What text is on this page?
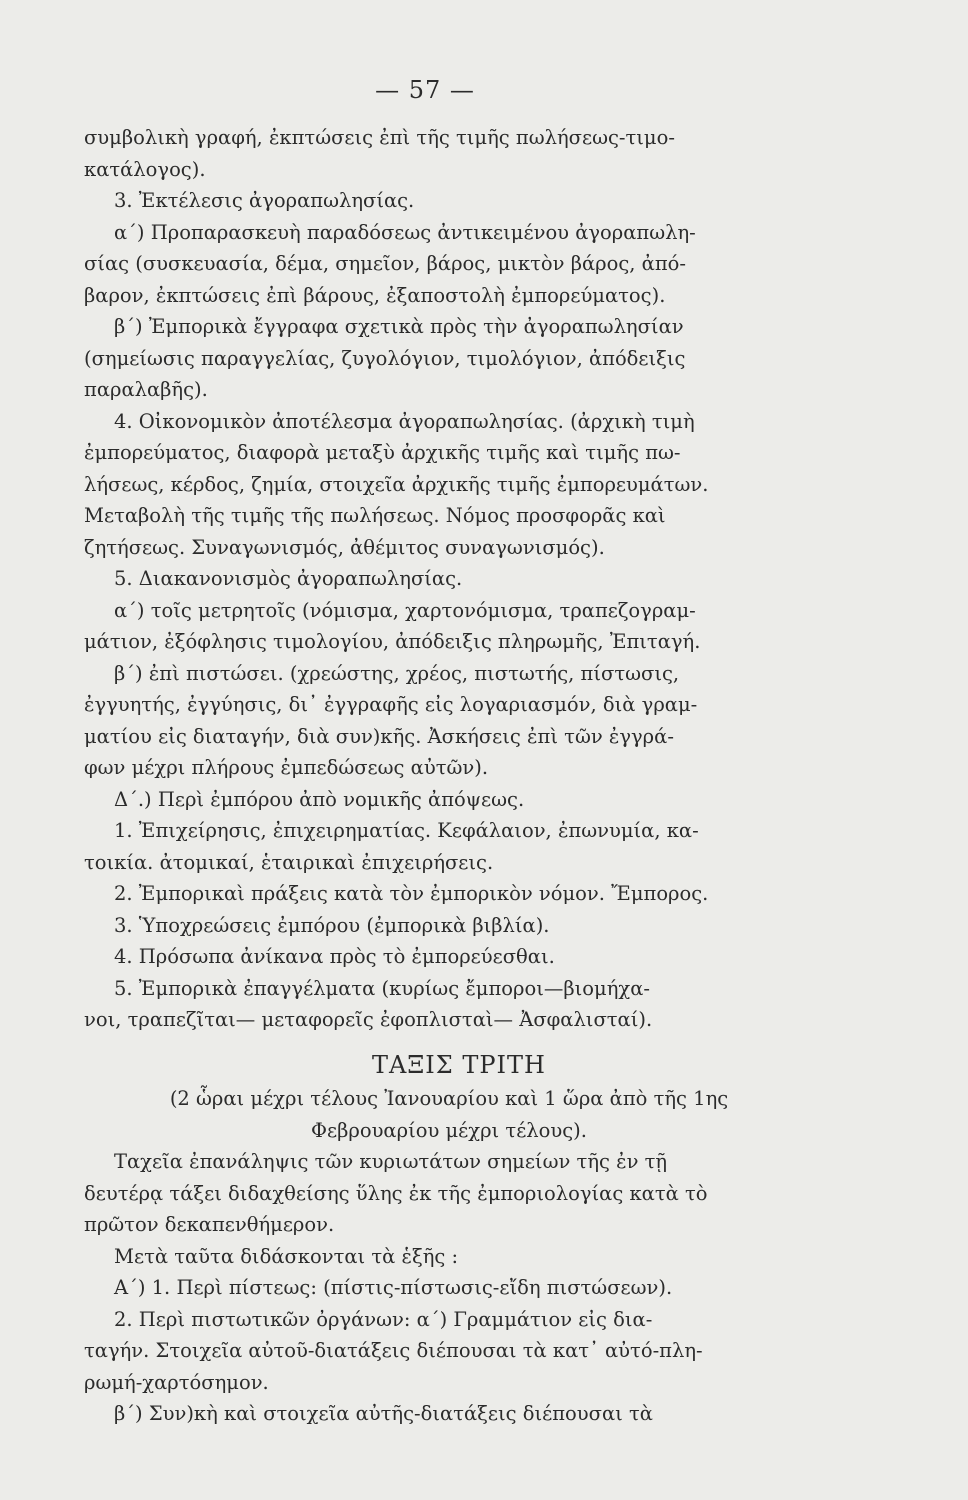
— 57 —

συμβολικὴ γραφή, ἐκπτώσεις ἐπὶ τῆς τιμῆς πωλήσεως-τιμο-

κατάλογος).

3. Ἐκτέλεσις ἀγοραπωλησίας.

α΄) Προπαρασκευὴ παραδόσεως ἀντικειμένου ἀγοραπωλη-

σίας (συσκευασία, δέμα, σημεῖον, βάρος, μικτὸν βάρος, ἀπό-

βαρον, ἐκπτώσεις ἐπὶ βάρους, ἐξαποστολὴ ἐμπορεύματος).

β΄) Ἐμπορικὰ ἔγγραφα σχετικὰ πρὸς τὴν ἀγοραπωλησίαν

(σημείωσις παραγγελίας, ζυγολόγιον, τιμολόγιον, ἀπόδειξις

παραλαβῆς).

4. Οἰκονομικὸν ἀποτέλεσμα ἀγοραπωλησίας. (ἀρχικὴ τιμὴ

ἐμπορεύματος, διαφορὰ μεταξὺ ἀρχικῆς τιμῆς καὶ τιμῆς πω-

λήσεως, κέρδος, ζημία, στοιχεῖα ἀρχικῆς τιμῆς ἐμπορευμάτων.

Μεταβολὴ τῆς τιμῆς τῆς πωλήσεως. Νόμος προσφορᾶς καὶ

ζητήσεως. Συναγωνισμός, ἀθέμιτος συναγωνισμός).

5. Διακανονισμὸς ἀγοραπωλησίας.

α΄) τοῖς μετρητοῖς (νόμισμα, χαρτονόμισμα, τραπεζογραμ-

μάτιον, ἐξόφλησις τιμολογίου, ἀπόδειξις πληρωμῆς, Ἐπιταγή.

β΄) ἐπὶ πιστώσει. (χρεώστης, χρέος, πιστωτής, πίστωσις,

ἐγγυητής, ἐγγύησις, δι᾽ ἐγγραφῆς εἰς λογαριασμόν, διὰ γραμ-

ματίου εἰς διαταγήν, διὰ συν)κῆς. Ἀσκήσεις ἐπὶ τῶν ἐγγρά-

φων μέχρι πλήρους ἐμπεδώσεως αὐτῶν).

Δ΄.) Περὶ ἐμπόρου ἀπὸ νομικῆς ἀπόψεως.

1. Ἐπιχείρησις, ἐπιχειρηματίας. Κεφάλαιον, ἐπωνυμία, κα-

τοικία. ἀτομικαί, ἑταιρικαὶ ἐπιχειρήσεις.

2. Ἐμπορικαὶ πράξεις κατὰ τὸν ἐμπορικὸν νόμον. Ἔμπορος.

3. Ὑποχρεώσεις ἐμπόρου (ἐμπορικὰ βιβλία).

4. Πρόσωπα ἀνίκανα πρὸς τὸ ἐμπορεύεσθαι.

5. Ἐμπορικὰ ἐπαγγέλματα (κυρίως ἔμποροι—βιομήχα-

νοι, τραπεζῖται— μεταφορεῖς ἐφοπλισταὶ— Ἀσφαλισταί).

ΤΑΞΙΣ ΤΡΙΤΗ

(2 ὧραι μέχρι τέλους Ἰανουαρίου καὶ 1 ὥρα ἀπὸ τῆς 1ης

Φεβρουαρίου μέχρι τέλους).

Ταχεῖα ἐπανάληψις τῶν κυριωτάτων σημείων τῆς ἐν τῇ

δευτέρᾳ τάξει διδαχθείσης ὕλης ἐκ τῆς ἐμποριολογίας κατὰ τὸ

πρῶτον δεκαπενθήμερον.

Μετὰ ταῦτα διδάσκονται τὰ ἑξῆς :

Α΄) 1. Περὶ πίστεως: (πίστις-πίστωσις-εἴδη πιστώσεων).

2. Περὶ πιστωτικῶν ὀργάνων: α΄) Γραμμάτιον εἰς δια-

ταγήν. Στοιχεῖα αὐτοῦ-διατάξεις διέπουσαι τὰ κατ᾽ αὐτό-πλη-

ρωμή-χαρτόσημον.

β΄) Συν)κὴ καὶ στοιχεῖα αὐτῆς-διατάξεις διέπουσαι τὰ
